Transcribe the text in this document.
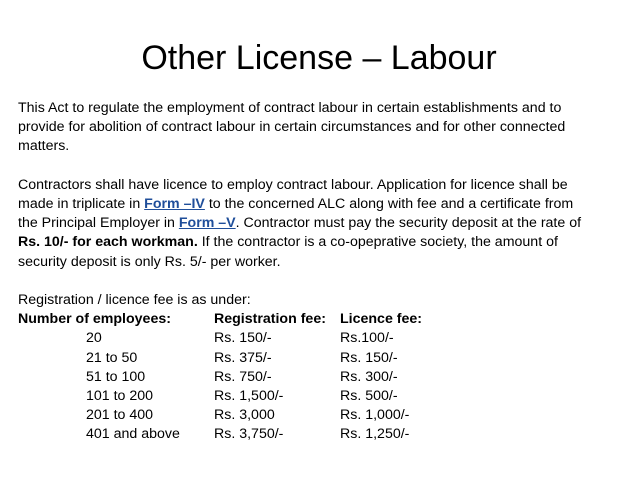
Other License – Labour

This Act to regulate the employment of contract labour in certain establishments and to

provide for abolition of contract labour in certain circumstances and for other connected

matters.

Contractors shall have licence to employ contract labour. Application for licence shall be

made in triplicate in Form –IV to the concerned ALC along with fee and a certificate from

the Principal Employer in Form –V. Contractor must pay the security deposit at the rate of

Rs. 10/- for each workman. If the contractor is a co-opeprative society, the amount of

security deposit is only Rs. 5/- per worker.

Registration / licence fee is as under:

Number of employees:	Registration fee: Licence fee:
20	Rs. 150/-	Rs.100/-
21 to 50	Rs. 375/-	Rs. 150/-
51 to 100	Rs. 750/-	Rs. 300/-
101 to 200	Rs. 1,500/-	Rs. 500/-
201 to 400	Rs. 3,000	Rs. 1,000/-
401 and above Rs. 3,750/-	Rs. 1,250/-
